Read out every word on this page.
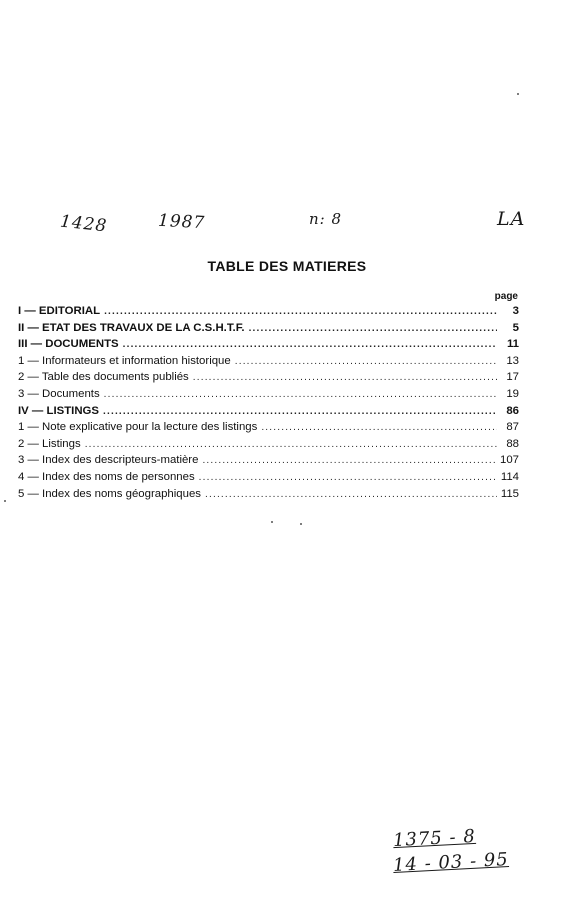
1428	1987	n: 8	LA
TABLE DES MATIERES
page
I — EDITORIAL .....	3
II — ETAT DES TRAVAUX DE LA C.S.H.T.F. .....	5
III — DOCUMENTS .....	11
1 — Informateurs et information historique .....	13
2 — Table des documents publiés .....	17
3 — Documents .....	19
IV — LISTINGS .....	86
1 — Note explicative pour la lecture des listings .....	87
2 — Listings .....	88
3 — Index des descripteurs-matière .....	107
4 — Index des noms de personnes .....	114
5 — Index des noms géographiques .....	115
1375 - 8
14 - 03 - 95
